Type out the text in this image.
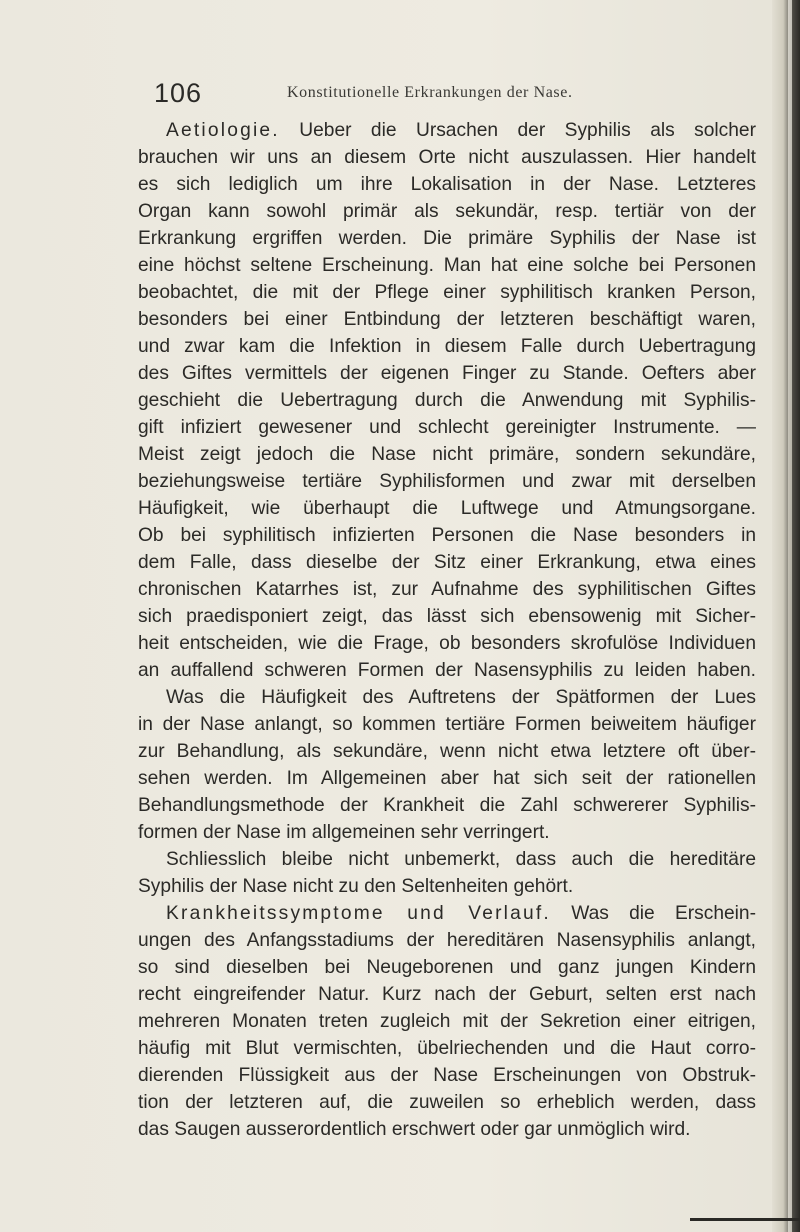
106	Konstitutionelle Erkrankungen der Nase.
Aetiologie. Uebe​r die Ursachen der Syphilis als solcher
brauchen wir uns an diesem Orte nicht auszulassen. Hier handelt
es sich lediglich um ihre Lokalisation in der Nase. Letzteres
Organ kann sowohl primär als sekundär, resp. tertiär von der
Erkrankung ergriffen werden. Die primäre Syphilis der Nase ist
eine höchst seltene Erscheinung. Man hat eine solche bei Personen
beobachtet, die mit der Pflege einer syphilitisch kranken Person,
besonders bei einer Entbindung der letzteren beschäftigt waren,
und zwar kam die Infektion in diesem Falle durch Uebertragung
des Giftes vermittels der eigenen Finger zu Stande. Oefters aber
geschieht die Uebertragung durch die Anwendung mit Syphilis-
gift infiziert gewesener und schlecht gereinigter Instrumente. —
Meist zeigt jedoch die Nase nicht primäre, sondern sekundäre,
beziehungsweise tertiäre Syphilisformen und zwar mit derselben
Häufigkeit, wie überhaupt die Luftwege und Atmungsorgane.
Ob bei syphilitisch infizierten Personen die Nase besonders in
dem Falle, dass dieselbe der Sitz einer Erkrankung, etwa eines
chronischen Katarrhes ist, zur Aufnahme des syphilitischen Giftes
sich praedisponiert zeigt, das lässt sich ebensowenig mit Sicher-
heit entscheiden, wie die Frage, ob besonders skrofulöse Individuen
an auffallend schweren Formen der Nasensyphilis zu leiden haben.
Was die Häufigkeit des Auftretens der Spätformen der Lues
in der Nase anlangt, so kommen tertiäre Formen beiweitem häufiger
zur Behandlung, als sekundäre, wenn nicht etwa letztere oft über-
sehen werden. Im Allgemeinen aber hat sich seit der rationellen
Behandlungsmethode der Krankheit die Zahl schwererer Syphilis-
formen der Nase im allgemeinen sehr verringert.
Schliesslich bleibe nicht unbemerkt, dass auch die hereditäre
Syphilis der Nase nicht zu den Seltenheiten gehört.
Krankheitssymptome und Verlauf. Was die Erschein-
ungen des Anfangsstadiums der hereditären Nasensyphilis anlangt,
so sind dieselben bei Neugeborenen und ganz jungen Kindern
recht eingreifender Natur. Kurz nach der Geburt, selten erst nach
mehreren Monaten treten zugleich mit der Sekretion einer eitrigen,
häufig mit Blut vermischten, übelriechenden und die Haut corro-
dierenden Flüssigkeit aus der Nase Erscheinungen von Obstruk-
tion der letzteren auf, die zuweilen so erheblich werden, dass
das Saugen ausserordentlich erschwert oder gar unmöglich wird.
